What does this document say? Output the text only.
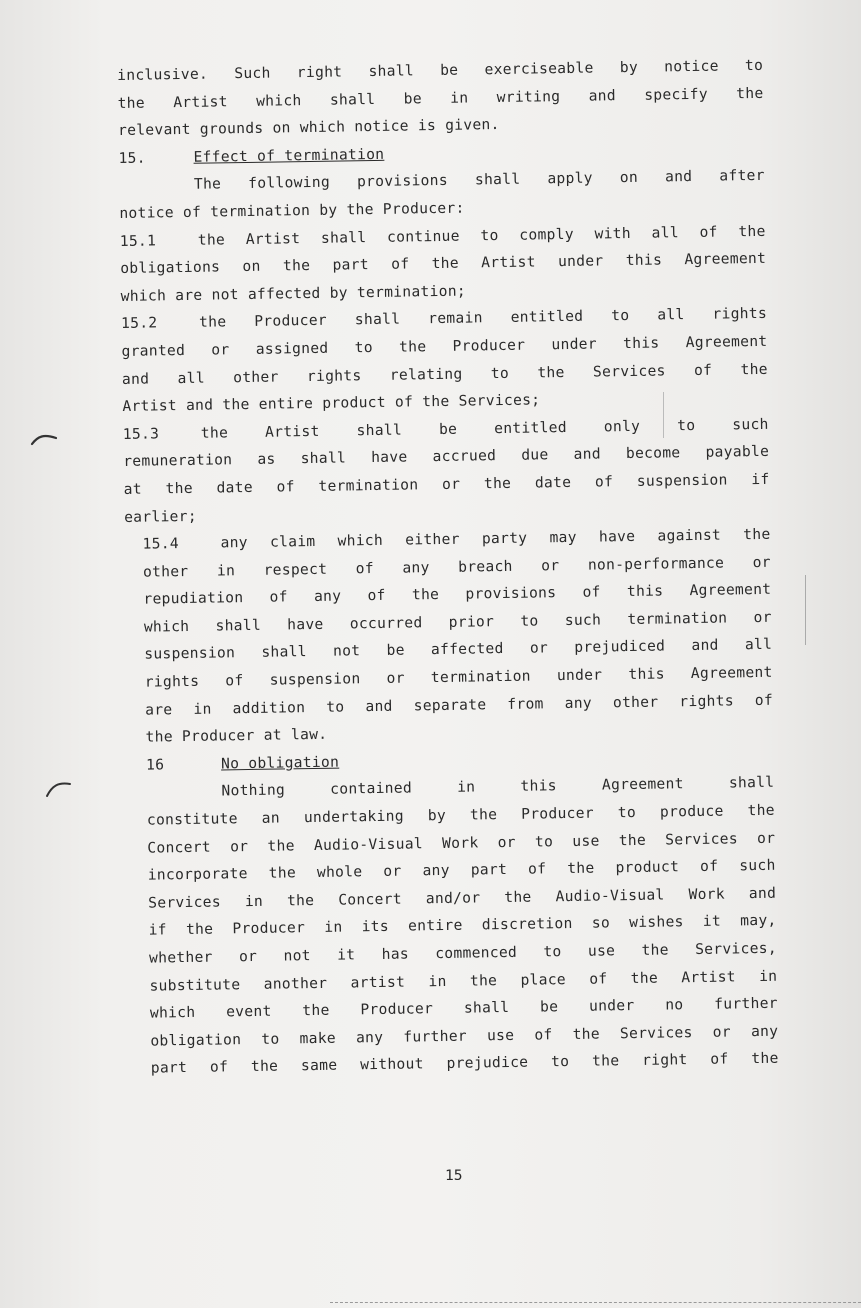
inclusive. Such right shall be exerciseable by notice to
the Artist which shall be in writing and specify the
relevant grounds on which notice is given.
15.	Effect of termination
The following provisions shall apply on and after
notice of termination by the Producer:
15.1	the Artist shall continue to comply with all of the
obligations on the part of the Artist under this Agreement
which are not affected by termination;
15.2	the Producer shall remain entitled to all rights
granted or assigned to the Producer under this Agreement
and all other rights relating to the Services of the
Artist and the entire product of the Services;
15.3	the	Artist	shall	be	entitled	only	to	such
remuneration as shall have accrued due and become payable
at the date of termination or the date of suspension if
earlier;
15.4	any claim which either party may have against the
other in respect of any breach or non-performance or
repudiation of any of the provisions of this Agreement
which shall have occurred prior to such termination or
suspension shall not be affected or prejudiced and all
rights of suspension or termination under this Agreement
are in addition to and separate from any other rights of
the Producer at law.
16	No obligation
Nothing	contained	in	this	Agreement	shall
constitute an undertaking by the Producer to produce the
Concert or the Audio-Visual Work or to use the Services or
incorporate the whole or any part of the product of such
Services in the Concert and/or the Audio-Visual Work and
if the Producer in its entire discretion so wishes it may,
whether or not it has commenced to use the Services,
substitute another artist in the place of the Artist in
which event the Producer shall be under no further
obligation to make any further use of the Services or any
part of the same without prejudice to the right of the
15
